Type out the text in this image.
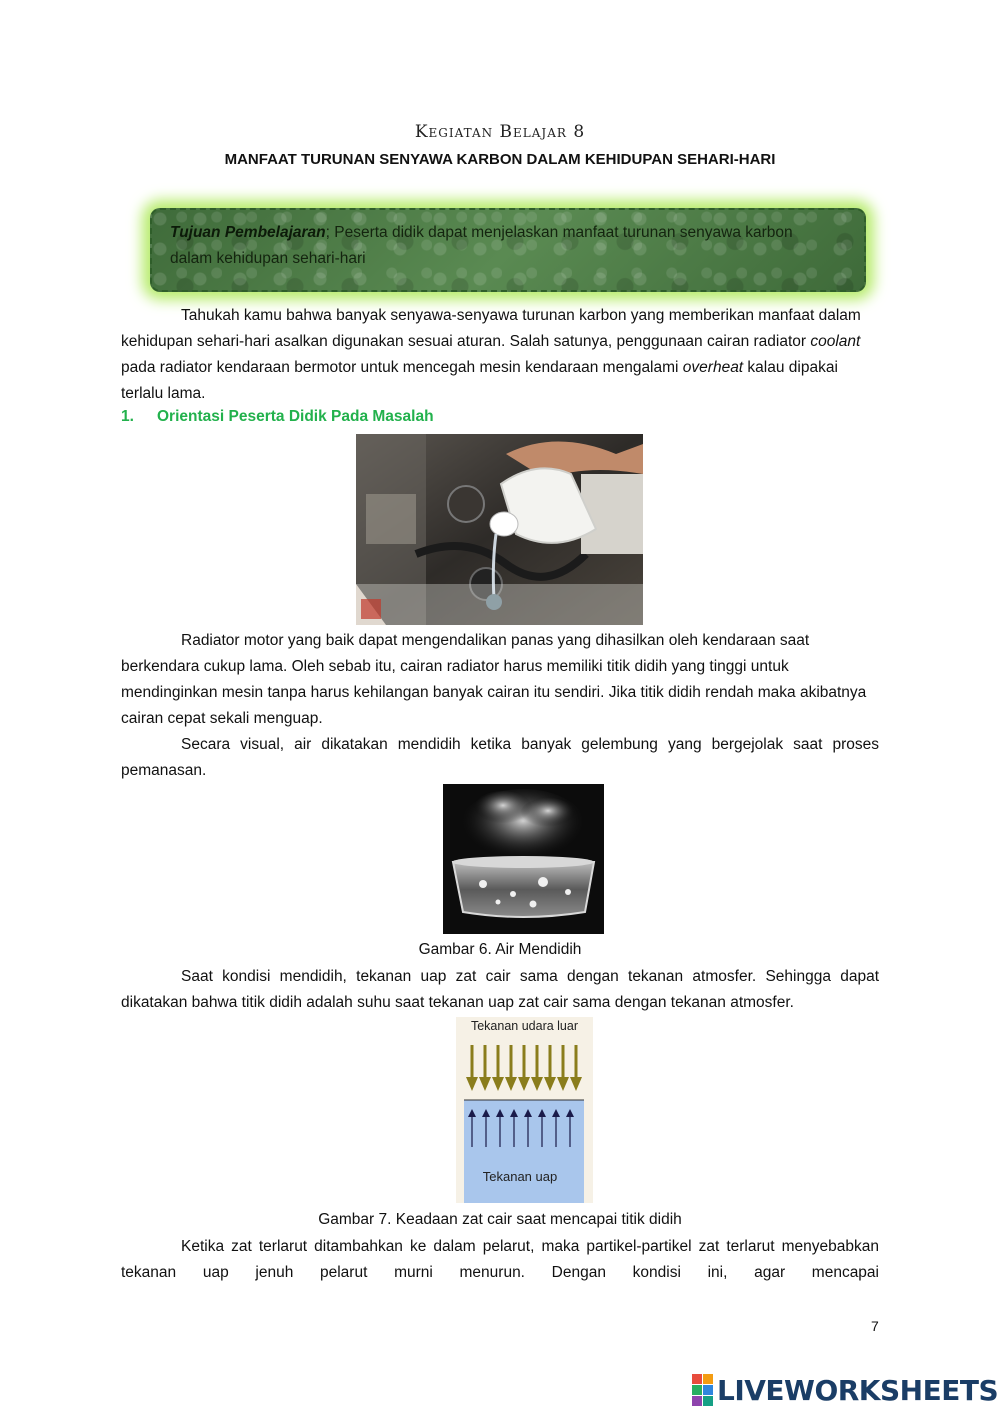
Kegiatan Belajar 8
MANFAAT TURUNAN SENYAWA KARBON DALAM KEHIDUPAN SEHARI-HARI
Tujuan Pembelajaran; Peserta didik dapat menjelaskan manfaat turunan senyawa karbon dalam kehidupan sehari-hari

Tahukah kamu bahwa banyak senyawa-senyawa turunan karbon yang memberikan manfaat dalam kehidupan sehari-hari asalkan digunakan sesuai aturan. Salah satunya, penggunaan cairan radiator coolant pada radiator kendaraan bermotor untuk mencegah mesin kendaraan mengalami overheat kalau dipakai terlalu lama.

1. Orientasi Peserta Didik Pada Masalah

Radiator motor yang baik dapat mengendalikan panas yang dihasilkan oleh kendaraan saat berkendara cukup lama. Oleh sebab itu, cairan radiator harus memiliki titik didih yang tinggi untuk mendinginkan mesin tanpa harus kehilangan banyak cairan itu sendiri. Jika titik didih rendah maka akibatnya cairan cepat sekali menguap.

Secara visual, air dikatakan mendidih ketika banyak gelembung yang bergejolak saat proses pemanasan.

Gambar 6. Air Mendidih

Saat kondisi mendidih, tekanan uap zat cair sama dengan tekanan atmosfer. Sehingga dapat dikatakan bahwa titik didih adalah suhu saat tekanan uap zat cair sama dengan tekanan atmosfer.

Tekanan udara luar
Tekanan uap
Gambar 7. Keadaan zat cair saat mencapai titik didih

Ketika zat terlarut ditambahkan ke dalam pelarut, maka partikel-partikel zat terlarut menyebabkan tekanan uap jenuh pelarut murni menurun. Dengan kondisi ini, agar mencapai

7
LIVEWORKSHEETS
